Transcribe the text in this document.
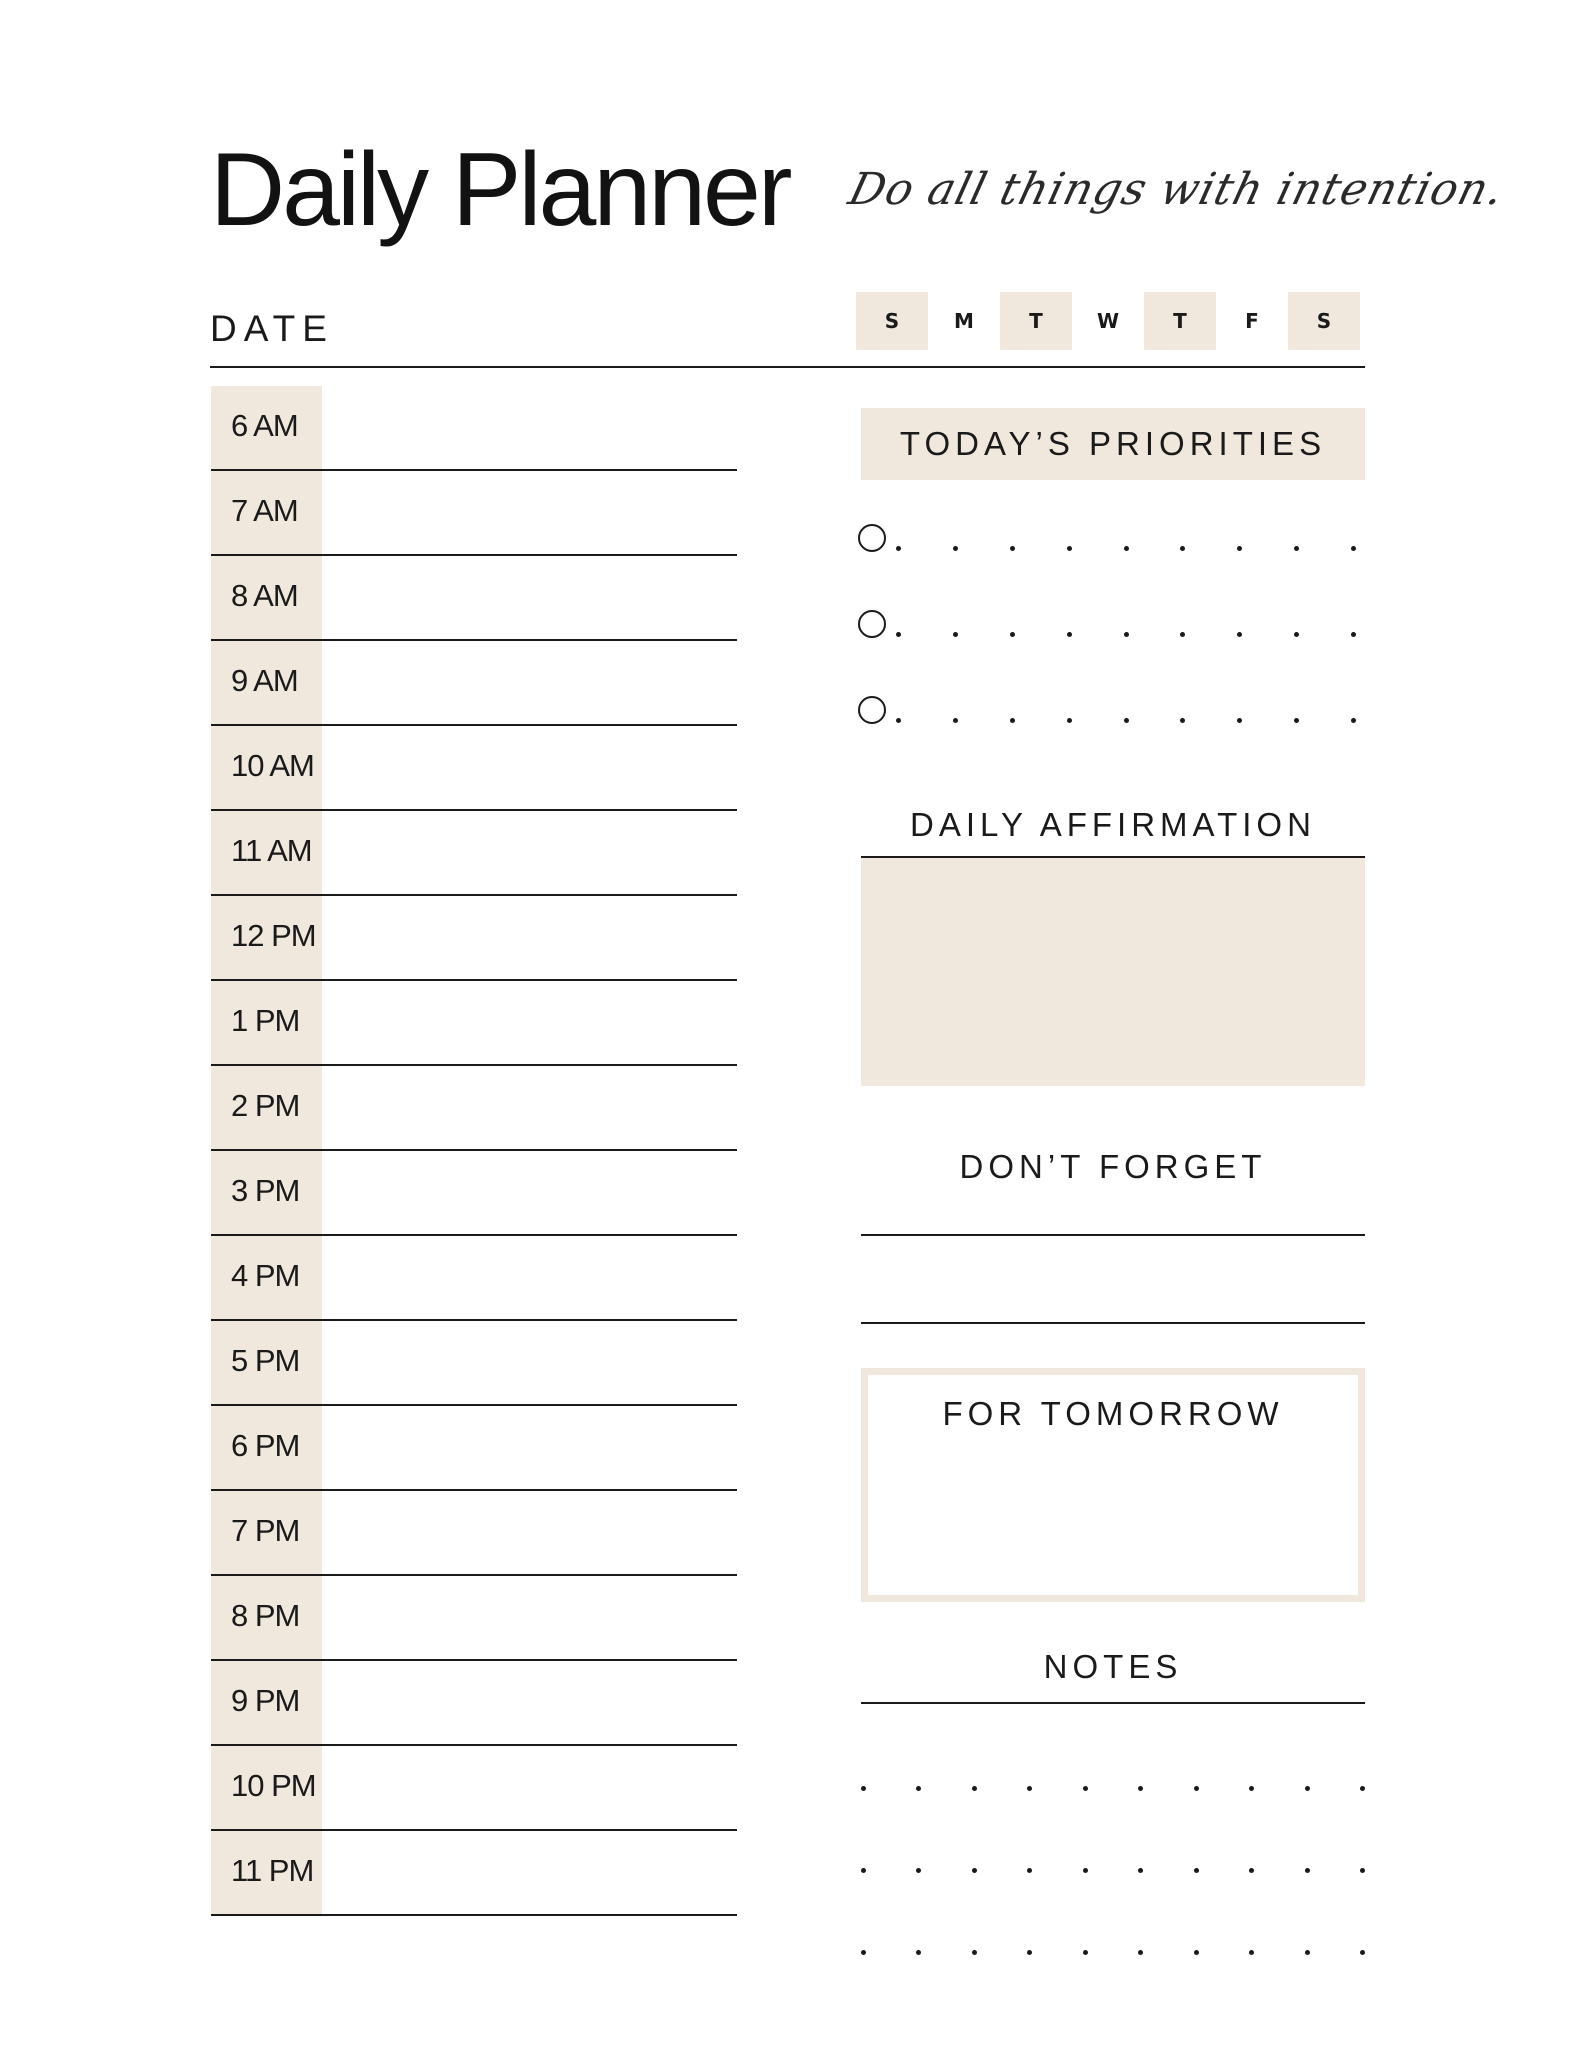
Daily Planner Do all things with intention.
DATE	S	M	T	W	T	F	S
6 AM
7 AM
8 AM
9 AM
10 AM
11 AM
12 PM
1 PM
2 PM
3 PM
4 PM
5 PM
6 PM
7 PM
8 PM
9 PM
10 PM
11 PM
TODAY’S PRIORITIES
DAILY AFFIRMATION
DON’T FORGET
FOR TOMORROW
NOTES
